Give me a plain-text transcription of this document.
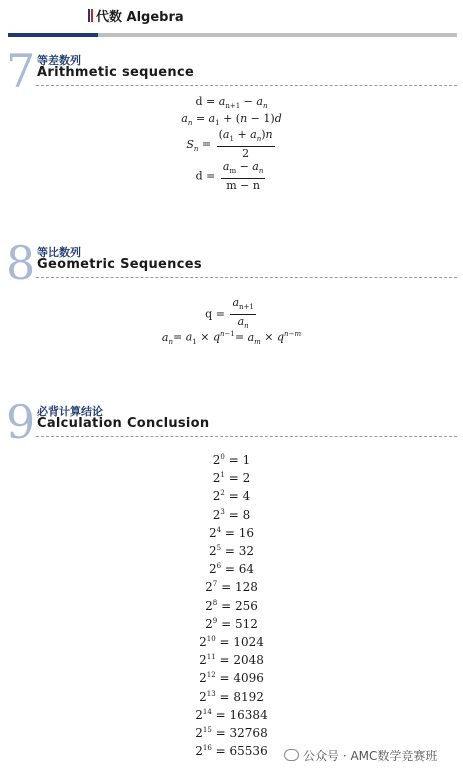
代数 Algebra
7 等差数列
Arithmetic sequence
$d = a_{n+1} - a_n$
$a_n = a_1 + (n - 1)d$
$S_n = \frac{(a_1 + a_n)n}{2}$
$d = \frac{a_m - a_n}{m - n}$
8 等比数列
Geometric Sequences
$q = \frac{a_{n+1}}{a_n}$
$a_n= a_1 \times q^{n-1}= a_m \times q^{n-m}$
9 必背计算结论
Calculation Conclusion
$2^0 = 1$
$2^1 = 2$
$2^2 = 4$
$2^3 = 8$
$2^4 = 16$
$2^5 = 32$
$2^6 = 64$
$2^7 = 128$
$2^8 = 256$
$2^9 = 512$
$2^{10} = 1024$
$2^{11} = 2048$
$2^{12} = 4096$
$2^{13} = 8192$
$2^{14} = 16384$
$2^{15} = 32768$
$2^{16} = 65536$	公众号 · AMC数学竞赛班
